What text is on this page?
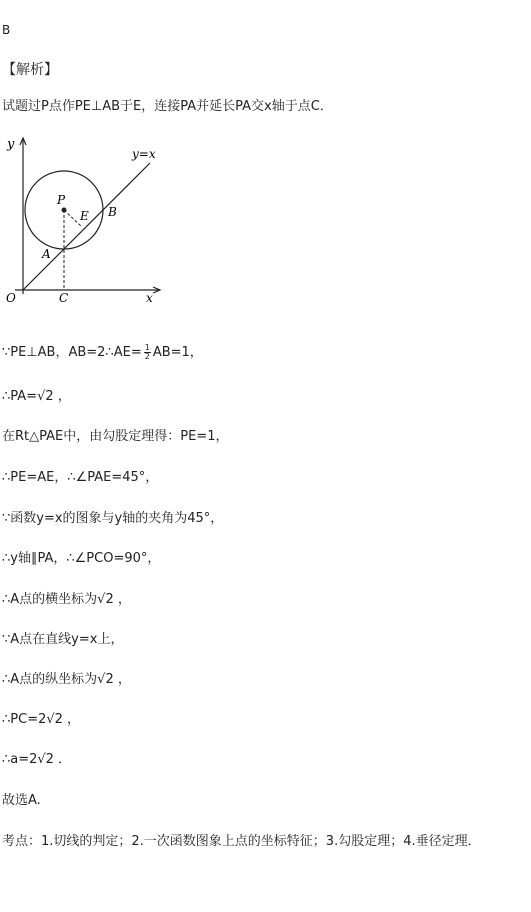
B
【解析】
试题过P点作PE⊥AB于E，连接PA并延长PA交x轴于点C．
y
y=x
P
E B
A
O	C	x
∵PE⊥AB，AB=2∴AE= $\frac{1}{2} AB=1$，
∴PA=√2 ，
在Rt△PAE中，由勾股定理得：PE=1，
∴PE=AE，∴∠PAE=45°，
∵函数y=x的图象与y轴的夹角为45°，
∴y轴∥PA，∴∠PCO=90°，
∴A点的横坐标为√2 ，
∵A点在直线y=x上，
∴A点的纵坐标为√2 ，
∴PC=2√2 ，
∴a=2√2 ．
故选A.
考点：1.切线的判定；2.一次函数图象上点的坐标特征；3.勾股定理；4.垂径定理．
